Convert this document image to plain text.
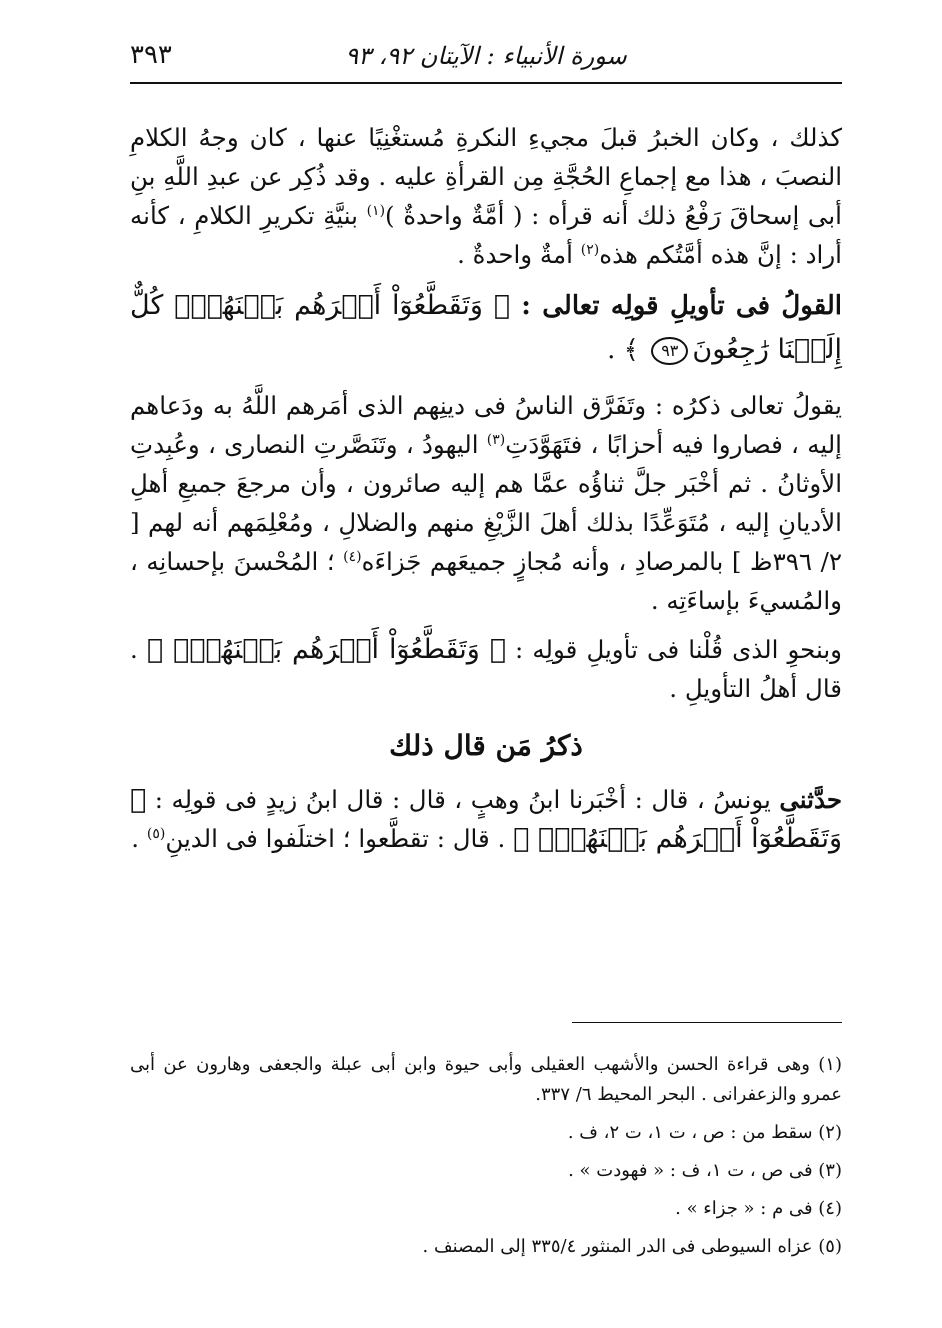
سورة الأنبياء : الآيتان ٩٢، ٩٣
٣٩٣

كذلك ، وكان الخبرُ قبلَ مجيءِ النكرةِ مُستغْنِيًا عنها ، كان وجهُ الكلامِ النصبَ ، هذا مع إجماعِ الحُجَّةِ مِن القرأةِ عليه . وقد ذُكِر عن عبدِ اللَّهِ بنِ أبى إسحاقَ رَفْعُ ذلك أنه قرأه : ( أمَّةٌ واحدةٌ )$^{(١)}$ بنيَّةِ تكريرِ الكلامِ ، كأنه أراد : إنَّ هذه أمَّتُكم هذه$^{(٢)}$ أمةٌ واحدةٌ .

القولُ فى تأويلِ قولِه تعالى : ﴿ وَتَقَطَّعُوٓاْ أَمۡرَهُم بَيۡنَهُمۡۖ كُلٌّ إِلَيۡنَا رَٰجِعُونَ٩٣ ﴾ .

يقولُ تعالى ذكرُه : وتَفَرَّق الناسُ فى دينِهم الذى أمَرهم اللَّهُ به ودَعاهم إليه ، فصاروا فيه أحزابًا ، فتَهَوَّدَتِ$^{(٣)}$ اليهودُ ، وتَنَصَّرتِ النصارى ، وعُبِدتِ الأوثانُ . ثم أخْبَر جلَّ ثناؤُه عمَّا هم إليه صائرون ، وأن مرجعَ جميعِ أهلِ الأديانِ إليه ، مُتَوَعِّدًا بذلك أهلَ الزَّيْغِ منهم والضلالِ ، ومُعْلِمَهم أنه لهم [ ٢/ ٣٩٦ظ ] بالمرصادِ ، وأنه مُجازٍ جميعَهم جَزاءَه$^{(٤)}$ ؛ المُحْسنَ بإحسانِه ، والمُسيءَ بإساءَتِه .

وبنحوِ الذى قُلْنا فى تأويلِ قولِه : ﴿ وَتَقَطَّعُوٓاْ أَمۡرَهُم بَيۡنَهُمۡۖ ﴾ . قال أهلُ التأويلِ .

ذكرُ مَن قال ذلك

حدَّثنى يونسُ ، قال : أخْبَرنا ابنُ وهبٍ ، قال : قال ابنُ زيدٍ فى قولِه : ﴿ وَتَقَطَّعُوٓاْ أَمۡرَهُم بَيۡنَهُمۡۖ ﴾ . قال : تقطَّعوا ؛ اختلَفوا فى الدينِ$^{(٥)}$ .

(١) وهى قراءة الحسن والأشهب العقيلى وأبى حيوة وابن أبى عبلة والجعفى وهارون عن أبى عمرو والزعفرانى . البحر المحيط ٦/ ٣٣٧.

(٢) سقط من : ص ، ت ١، ت ٢، ف .

(٣) فى ص ، ت ١، ف : « فهودت » .

(٤) فى م : « جزاء » .

(٥) عزاه السيوطى فى الدر المنثور ٣٣٥/٤ إلى المصنف .
